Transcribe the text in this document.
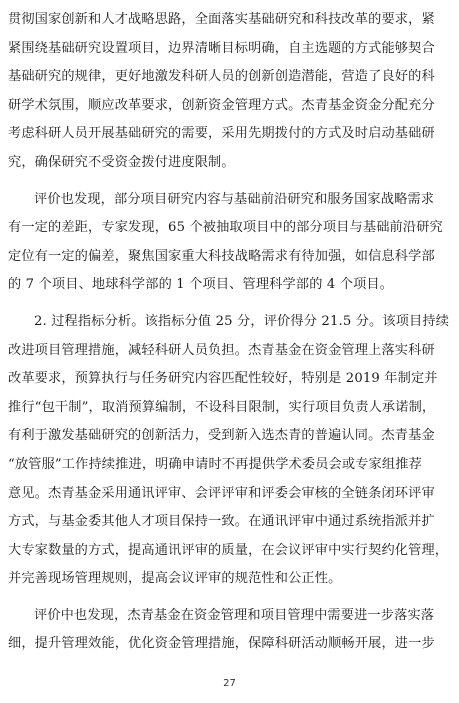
贯彻国家创新和人才战略思路，全面落实基础研究和科技改革的要求，紧
紧围绕基础研究设置项目，边界清晰目标明确，自主选题的方式能够契合
基础研究的规律，更好地激发科研人员的创新创造潜能，营造了良好的科
研学术氛围，顺应改革要求，创新资金管理方式。杰青基金资金分配充分
考虑科研人员开展基础研究的需要，采用先期拨付的方式及时启动基础研
究，确保研究不受资金拨付进度限制。
评价也发现，部分项目研究内容与基础前沿研究和服务国家战略需求
有一定的差距，专家发现，65 个被抽取项目中的部分项目与基础前沿研究
定位有一定的偏差，聚焦国家重大科技战略需求有待加强，如信息科学部
的 7 个项目、地球科学部的 1 个项目、管理科学部的 4 个项目。
2. 过程指标分析。该指标分值 25 分，评价得分 21.5 分。该项目持续
改进项目管理措施，减轻科研人员负担。杰青基金在资金管理上落实科研
改革要求，预算执行与任务研究内容匹配性较好，特别是 2019 年制定并
推行“包干制”，取消预算编制，不设科目限制，实行项目负责人承诺制，
有利于激发基础研究的创新活力，受到新入选杰青的普遍认同。杰青基金
“放管服”工作持续推进，明确申请时不再提供学术委员会或专家组推荐
意见。杰青基金采用通讯评审、会评评审和评委会审核的全链条闭环评审
方式，与基金委其他人才项目保持一致。在通讯评审中通过系统指派并扩
大专家数量的方式，提高通讯评审的质量，在会议评审中实行契约化管理，
并完善现场管理规则，提高会议评审的规范性和公正性。
评价中也发现，杰青基金在资金管理和项目管理中需要进一步落实落
细，提升管理效能，优化资金管理措施，保障科研活动顺畅开展，进一步
27
